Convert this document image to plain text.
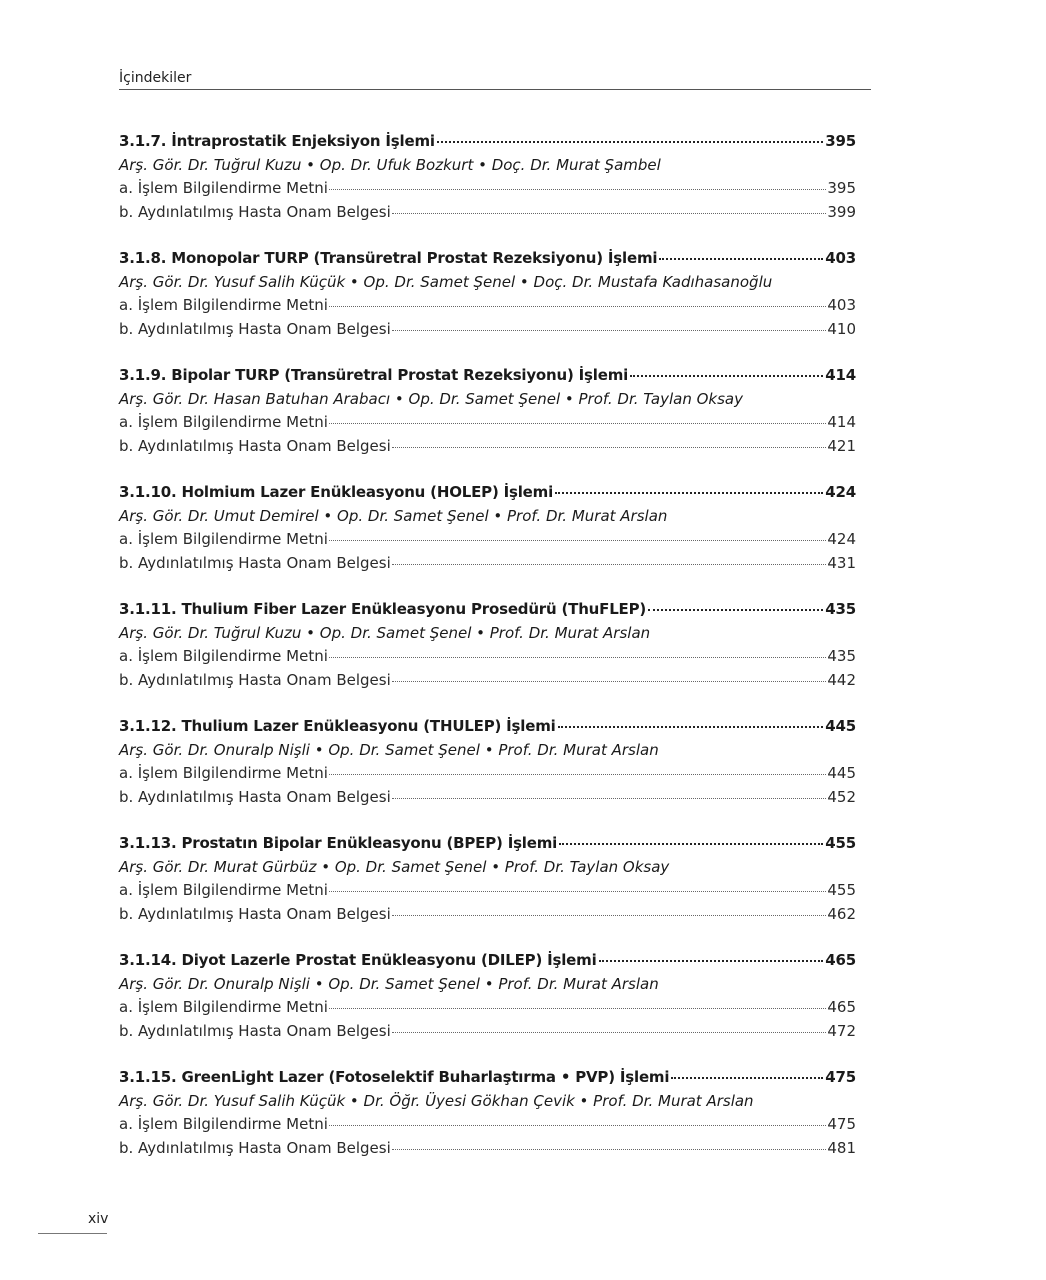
İçindekiler
3.1.7. İntraprostatik Enjeksiyon İşlemi	395
Arş. Gör. Dr. Tuğrul Kuzu • Op. Dr. Ufuk Bozkurt • Doç. Dr. Murat Şambel
a. İşlem Bilgilendirme Metni	395
b. Aydınlatılmış Hasta Onam Belgesi	399
3.1.8. Monopolar TURP (Transüretral Prostat Rezeksiyonu) İşlemi	403
Arş. Gör. Dr. Yusuf Salih Küçük • Op. Dr. Samet Şenel • Doç. Dr. Mustafa Kadıhasanoğlu
a. İşlem Bilgilendirme Metni	403
b. Aydınlatılmış Hasta Onam Belgesi	410
3.1.9. Bipolar TURP (Transüretral Prostat Rezeksiyonu) İşlemi	414
Arş. Gör. Dr. Hasan Batuhan Arabacı • Op. Dr. Samet Şenel • Prof. Dr. Taylan Oksay
a. İşlem Bilgilendirme Metni	414
b. Aydınlatılmış Hasta Onam Belgesi	421
3.1.10. Holmium Lazer Enükleasyonu (HOLEP) İşlemi	424
Arş. Gör. Dr. Umut Demirel • Op. Dr. Samet Şenel • Prof. Dr. Murat Arslan
a. İşlem Bilgilendirme Metni	424
b. Aydınlatılmış Hasta Onam Belgesi	431
3.1.11. Thulium Fiber Lazer Enükleasyonu Prosedürü (ThuFLEP)	435
Arş. Gör. Dr. Tuğrul Kuzu • Op. Dr. Samet Şenel • Prof. Dr. Murat Arslan
a. İşlem Bilgilendirme Metni	435
b. Aydınlatılmış Hasta Onam Belgesi	442
3.1.12. Thulium Lazer Enükleasyonu (THULEP) İşlemi	445
Arş. Gör. Dr. Onuralp Nişli • Op. Dr. Samet Şenel • Prof. Dr. Murat Arslan
a. İşlem Bilgilendirme Metni	445
b. Aydınlatılmış Hasta Onam Belgesi	452
3.1.13. Prostatın Bipolar Enükleasyonu (BPEP) İşlemi	455
Arş. Gör. Dr. Murat Gürbüz • Op. Dr. Samet Şenel • Prof. Dr. Taylan Oksay
a. İşlem Bilgilendirme Metni	455
b. Aydınlatılmış Hasta Onam Belgesi	462
3.1.14. Diyot Lazerle Prostat Enükleasyonu (DILEP) İşlemi	465
Arş. Gör. Dr. Onuralp Nişli • Op. Dr. Samet Şenel • Prof. Dr. Murat Arslan
a. İşlem Bilgilendirme Metni	465
b. Aydınlatılmış Hasta Onam Belgesi	472
3.1.15. GreenLight Lazer (Fotoselektif Buharlaştırma • PVP) İşlemi	475
Arş. Gör. Dr. Yusuf Salih Küçük • Dr. Öğr. Üyesi Gökhan Çevik • Prof. Dr. Murat Arslan
a. İşlem Bilgilendirme Metni	475
b. Aydınlatılmış Hasta Onam Belgesi	481
xiv
